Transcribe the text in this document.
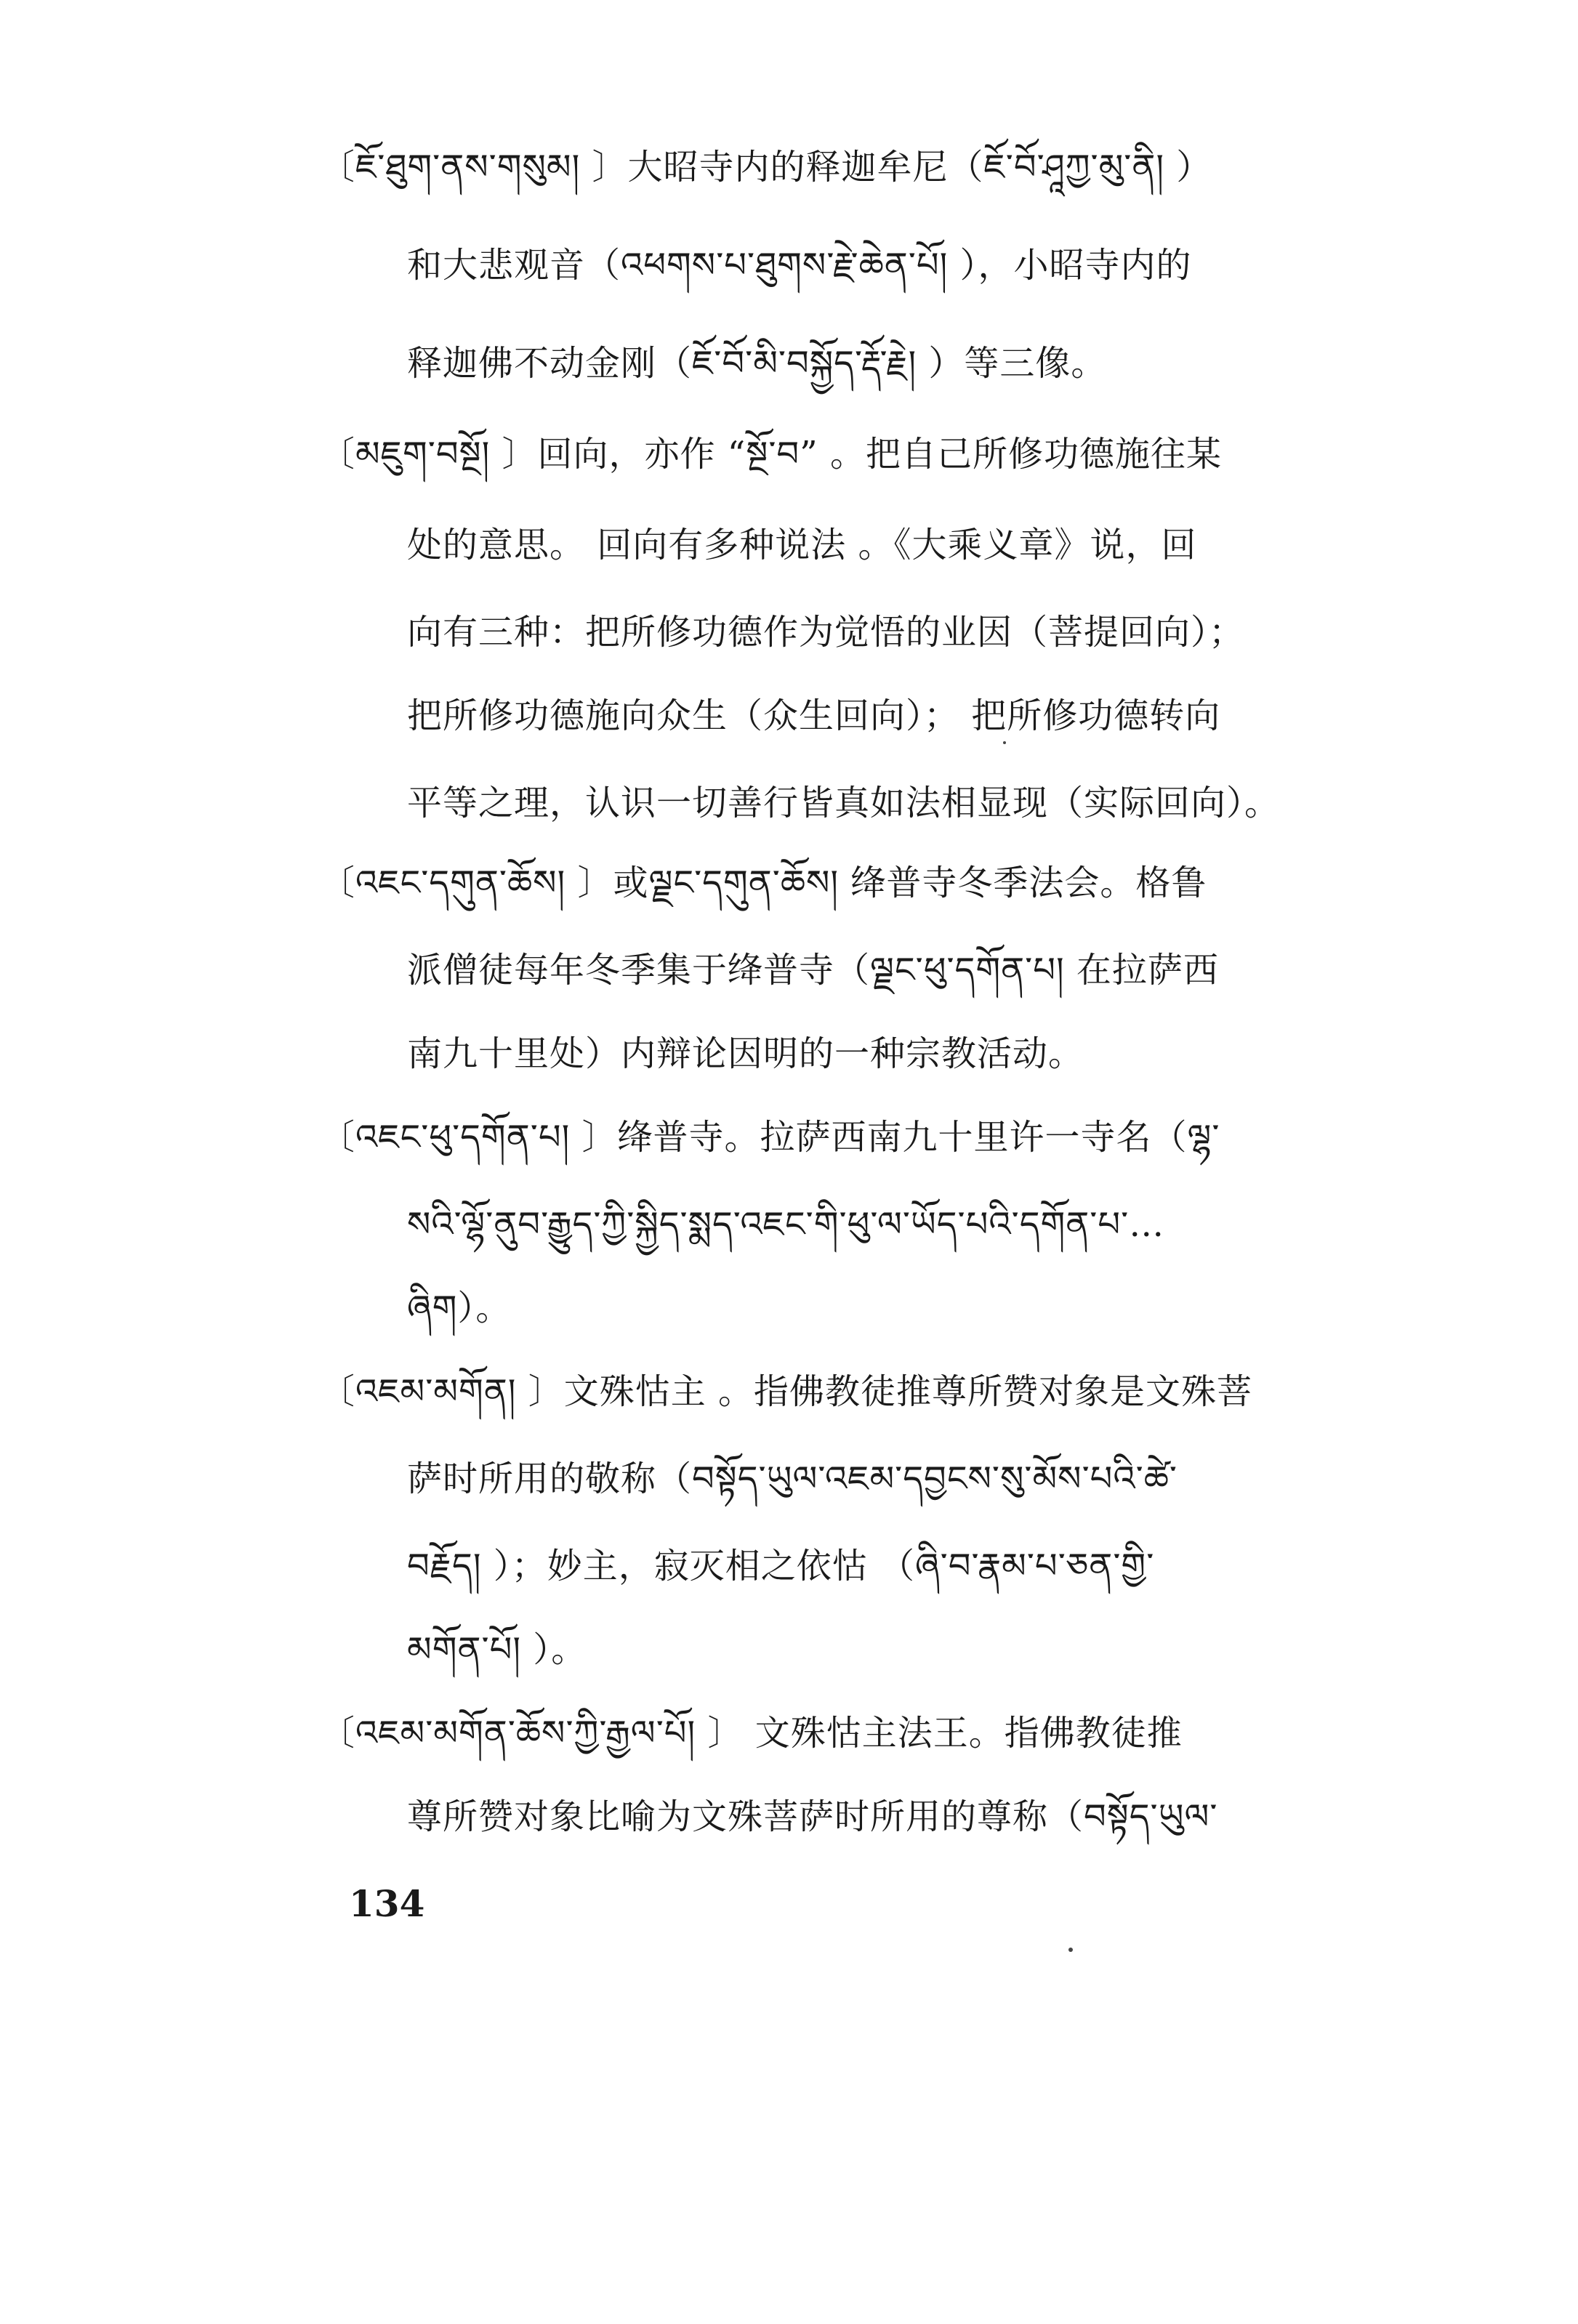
〔ཇོ་ཐུག་ནས་གསུམ། 〕大昭寺内的释迦牟尼（ཇོ་བོ་ཤཱཀྱ་མུ་ནི། ）
和大悲观音（འཕགས་པ་ཐུགས་རྗེ་ཆེན་པོ། ），小昭寺内的
释迦佛不动金刚（ཇོ་བོ་མི་བསྐྱོད་རྡོ་རྗེ། ）等三像。
〔མཇུག་བསྔོ། 〕回向，亦作 “སྔོ་བ” 。把自己所修功德施往某
处的意思。 回向有多种说法 。《大乘义章》说，回
向有三种：把所修功德作为觉悟的业因（菩提回向）；
把所修功德施向众生（众生回向）； 把所修功德转向
平等之理，认识一切善行皆真如法相显现（实际回向）。
〔འཇང་དགུན་ཆོས། 〕或ལྗང་དགུན་ཆོས། 绛普寺冬季法会。格鲁
派僧徒每年冬季集于绛普寺（ལྗང་ཕུ་དགོན་པ། 在拉萨西
南九十里处）内辩论因明的一种宗教活动。
〔འཇང་ཕུ་དགོན་པ། 〕绛普寺。拉萨西南九十里许一寺名（ལྷ་
སའི་ལྷོ་ནུབ་རྒྱུད་ཀྱི་སྐྱིད་སྨད་འཇང་གི་ཕུ་ལ་ཡོད་པའི་དགོན་པ་…
ཞིག）。
〔འཇམ་མགོན། 〕文殊怙主 。指佛教徒推尊所赞对象是文殊菩
萨时所用的敬称（བསྟོད་ཡུལ་འཇམ་དབྱངས་སུ་མོས་པའི་ཚེ་
བརྗོད། ）；妙主，寂灭相之依怙 （ཞི་བ་རྣམ་པ་ཅན་གྱི་
མགོན་པོ། ）。
〔འཇམ་མགོན་ཆོས་ཀྱི་རྒྱལ་པོ། 〕 文殊怙主法王。指佛教徒推
尊所赞对象比喻为文殊菩萨时所用的尊称（བསྟོད་ཡུལ་
134
